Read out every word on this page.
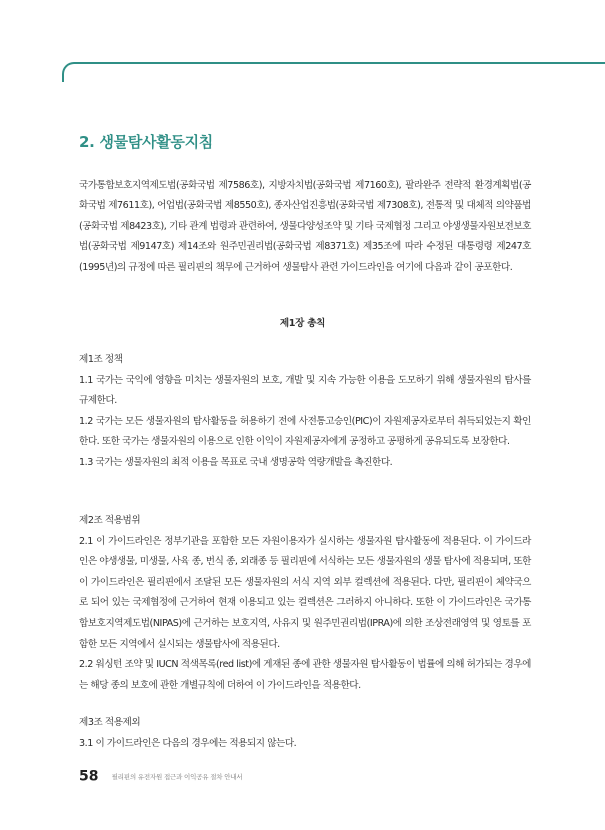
2. 생물탐사활동지침

국가통합보호지역제도법(공화국법 제7586호), 지방자치법(공화국법 제7160호), 팔라완주 전략적 환경계획법(공화국법 제7611호), 어업법(공화국법 제8550호), 종자산업진흥법(공화국법 제7308호), 전통적 및 대체적 의약품법(공화국법 제8423호), 기타 관계 법령과 관련하여, 생물다양성조약 및 기타 국제협정 그리고 야생생물자원보전보호법(공화국법 제9147호) 제14조와 원주민권리법(공화국법 제8371호) 제35조에 따라 수정된 대통령령 제247호(1995년)의 규정에 따른 필리핀의 책무에 근거하여 생물탐사 관련 가이드라인을 여기에 다음과 같이 공포한다.

제1장 총칙

제1조 정책

1.1 국가는 국익에 영향을 미치는 생물자원의 보호, 개발 및 지속 가능한 이용을 도모하기 위해 생물자원의 탐사를 규제한다.

1.2 국가는 모든 생물자원의 탐사활동을 허용하기 전에 사전통고승인(PIC)이 자원제공자로부터 취득되었는지 확인한다. 또한 국가는 생물자원의 이용으로 인한 이익이 자원제공자에게 공정하고 공평하게 공유되도록 보장한다.

1.3 국가는 생물자원의 최적 이용을 목표로 국내 생명공학 역량개발을 촉진한다.

제2조 적용범위

2.1 이 가이드라인은 정부기관을 포함한 모든 자원이용자가 실시하는 생물자원 탐사활동에 적용된다. 이 가이드라인은 야생생물, 미생물, 사육 종, 번식 종, 외래종 등 필리핀에 서식하는 모든 생물자원의 생물 탐사에 적용되며, 또한 이 가이드라인은 필리핀에서 조달된 모든 생물자원의 서식 지역 외부 컬렉션에 적용된다. 다만, 필리핀이 체약국으로 되어 있는 국제협정에 근거하여 현재 이용되고 있는 컬렉션은 그러하지 아니하다. 또한 이 가이드라인은 국가통합보호지역제도법(NIPAS)에 근거하는 보호지역, 사유지 및 원주민권리법(IPRA)에 의한 조상전래영역 및 영토를 포함한 모든 지역에서 실시되는 생물탐사에 적용된다.

2.2 워싱턴 조약 및 IUCN 적색목록(red list)에 게재된 종에 관한 생물자원 탐사활동이 법률에 의해 허가되는 경우에는 해당 종의 보호에 관한 개별규칙에 더하여 이 가이드라인을 적용한다.

제3조 적용제외

3.1 이 가이드라인은 다음의 경우에는 적용되지 않는다.

58 필리핀의 유전자원 접근과 이익공유 절차 안내서
